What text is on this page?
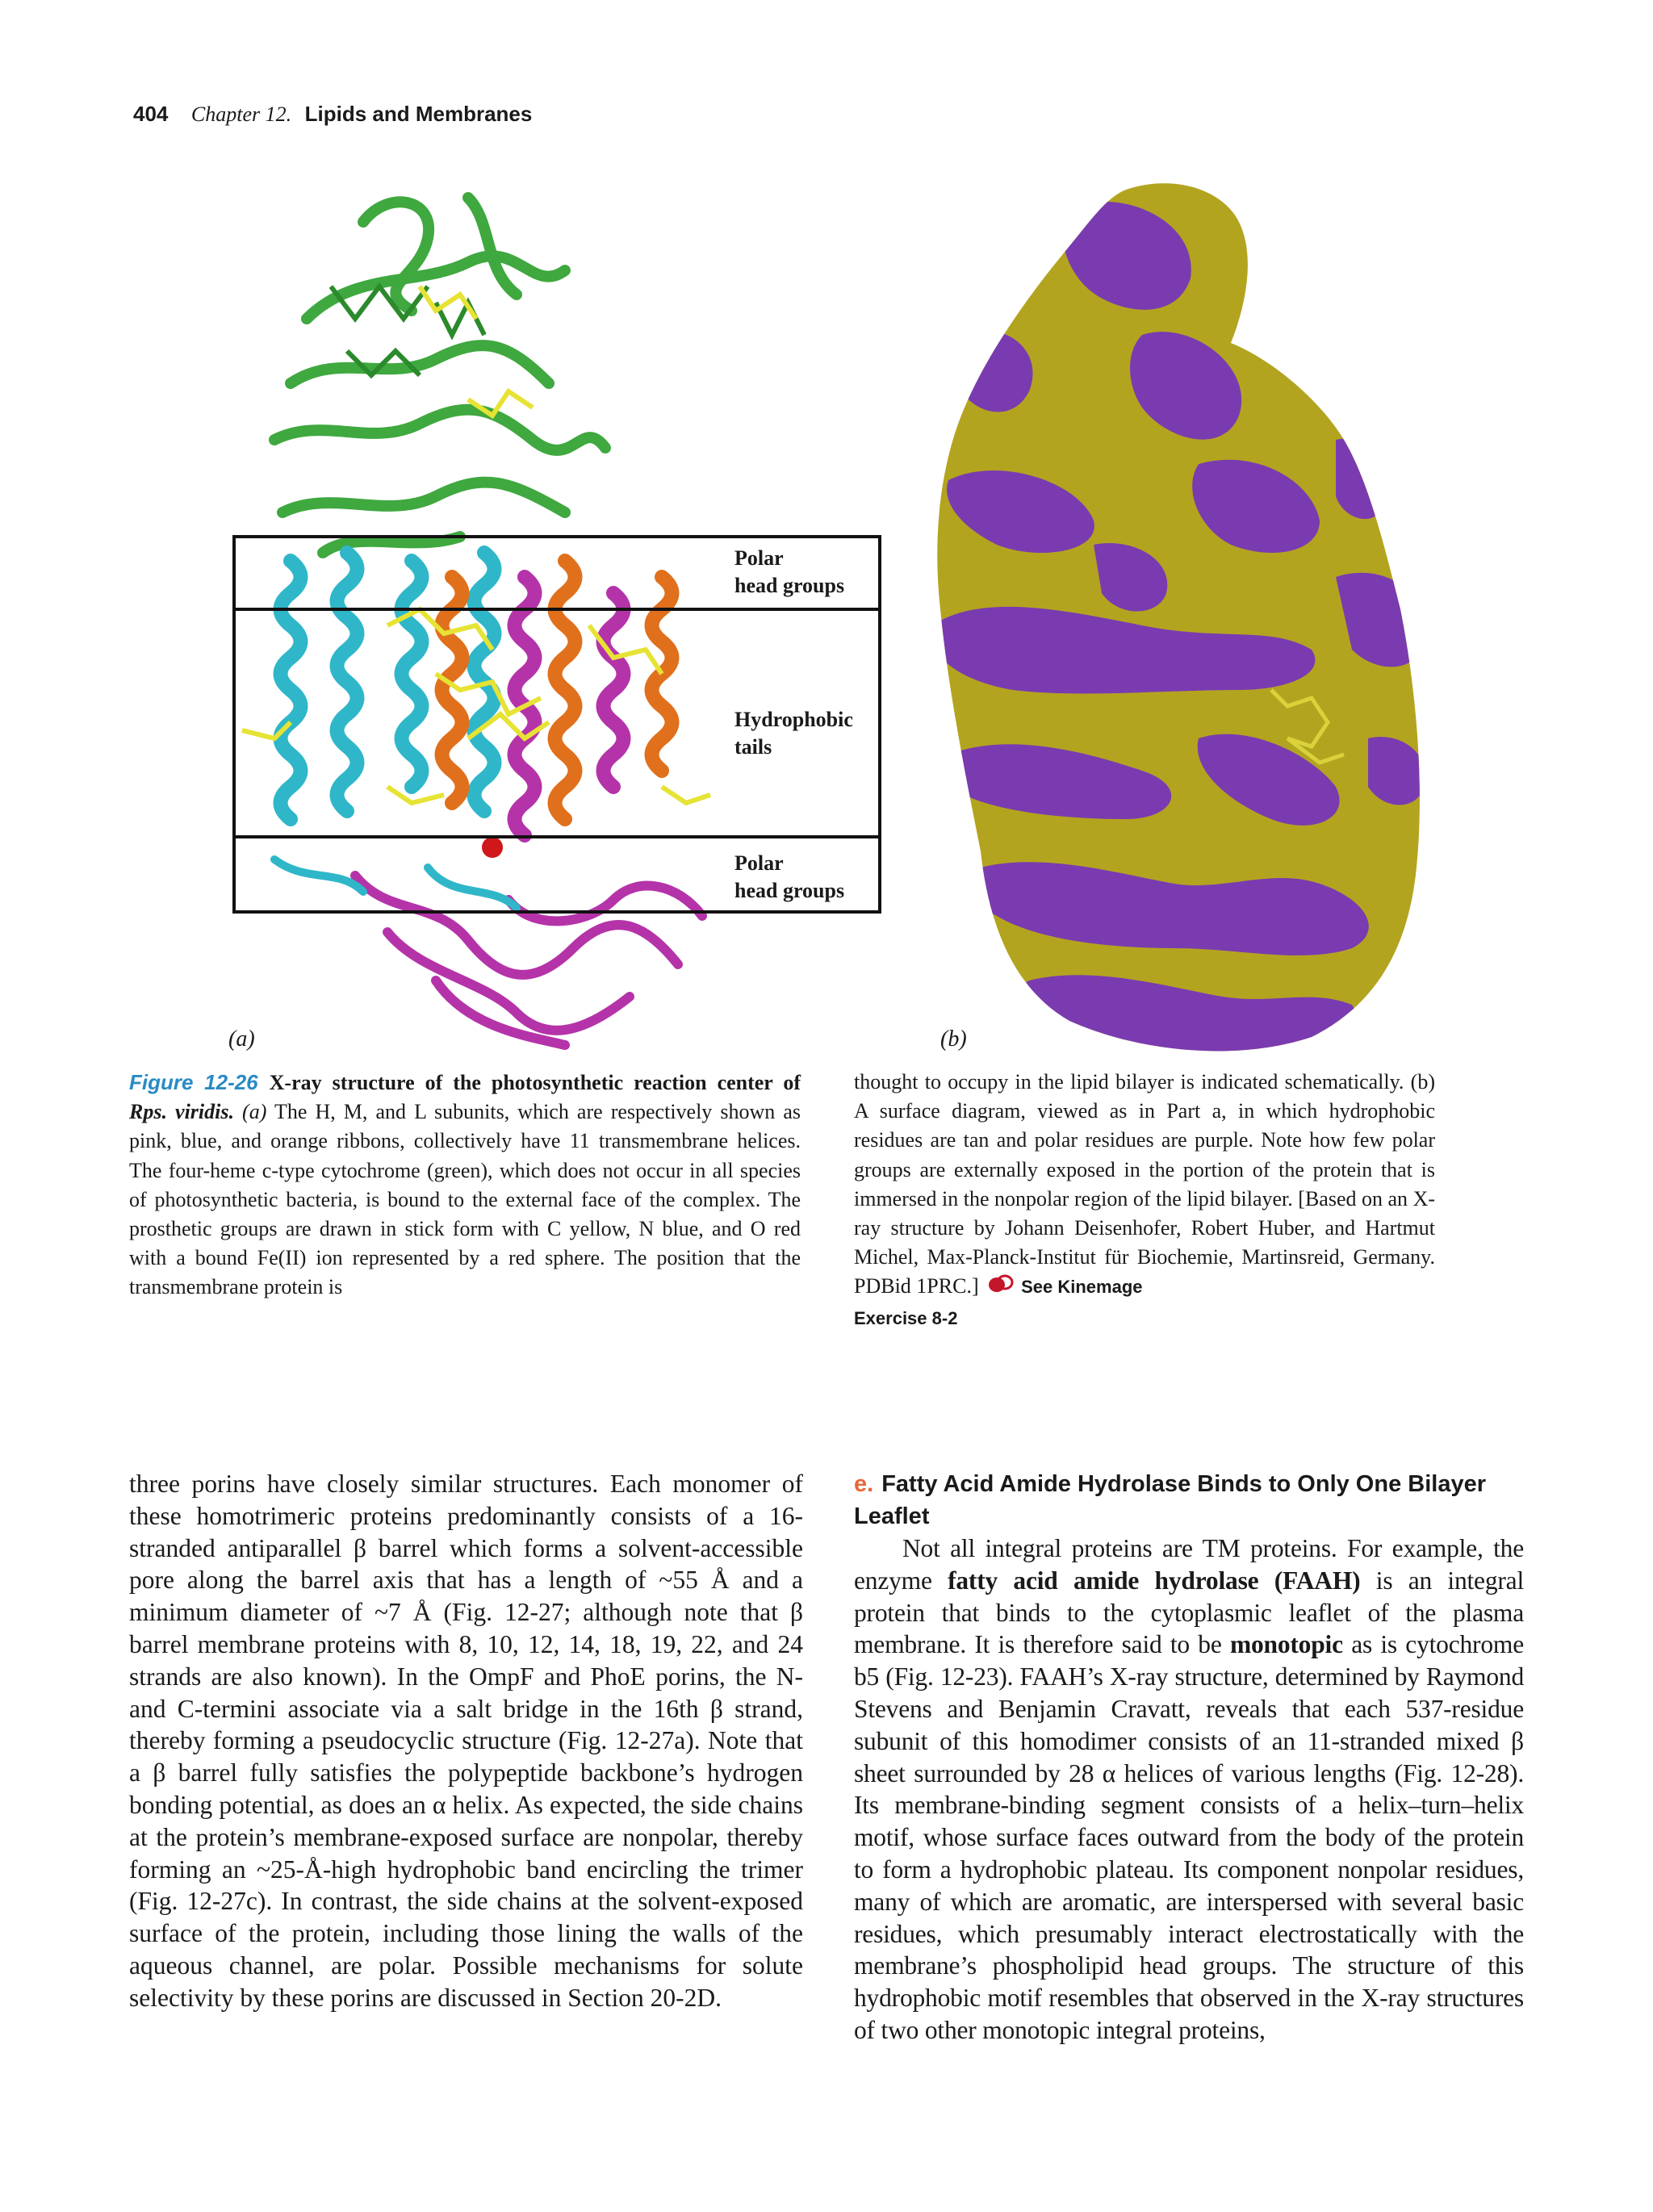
404 Chapter 12. Lipids and Membranes
Polar
head groups
Hydrophobic
tails
Polar
head groups
(a)	(b)
Figure 12-26 X-ray structure of the photosynthetic reaction center of Rps. viridis. (a) The H, M, and L subunits, which are respectively shown as pink, blue, and orange ribbons, collectively have 11 transmembrane helices. The four-heme c-type cytochrome (green), which does not occur in all species of photosynthetic bacteria, is bound to the external face of the complex. The prosthetic groups are drawn in stick form with C yellow, N blue, and O red with a bound Fe(II) ion represented by a red sphere. The position that the transmembrane protein is
thought to occupy in the lipid bilayer is indicated schematically. (b) A surface diagram, viewed as in Part a, in which hydrophobic residues are tan and polar residues are purple. Note how few polar groups are externally exposed in the portion of the protein that is immersed in the nonpolar region of the lipid bilayer. [Based on an X-ray structure by Johann Deisenhofer, Robert Huber, and Hartmut Michel, Max-Planck-Institut für Biochemie, Martinsreid, Germany. PDBid 1PRC.] See Kinemage
Exercise 8-2
three porins have closely similar structures. Each monomer of these homotrimeric proteins predominantly consists of a 16-stranded antiparallel β barrel which forms a solvent-accessible pore along the barrel axis that has a length of ~55 Å and a minimum diameter of ~7 Å (Fig. 12-27; although note that β barrel membrane proteins with 8, 10, 12, 14, 18, 19, 22, and 24 strands are also known). In the OmpF and PhoE porins, the N- and C-termini associate via a salt bridge in the 16th β strand, thereby forming a pseudocyclic structure (Fig. 12-27a). Note that a β barrel fully satisfies the polypeptide backbone’s hydrogen bonding potential, as does an α helix. As expected, the side chains at the protein’s membrane-exposed surface are nonpolar, thereby forming an ~25-Å-high hydrophobic band encircling the trimer (Fig. 12-27c). In contrast, the side chains at the solvent-exposed surface of the protein, including those lining the walls of the aqueous channel, are polar. Possible mechanisms for solute selectivity by these porins are discussed in Section 20-2D.
e. Fatty Acid Amide Hydrolase Binds to Only One Bilayer Leaflet
Not all integral proteins are TM proteins. For example, the enzyme fatty acid amide hydrolase (FAAH) is an integral protein that binds to the cytoplasmic leaflet of the plasma membrane. It is therefore said to be monotopic as is cytochrome b5 (Fig. 12-23). FAAH’s X-ray structure, determined by Raymond Stevens and Benjamin Cravatt, reveals that each 537-residue subunit of this homodimer consists of an 11-stranded mixed β sheet surrounded by 28 α helices of various lengths (Fig. 12-28). Its membrane-binding segment consists of a helix–turn–helix motif, whose surface faces outward from the body of the protein to form a hydrophobic plateau. Its component nonpolar residues, many of which are aromatic, are interspersed with several basic residues, which presumably interact electrostatically with the membrane’s phospholipid head groups. The structure of this hydrophobic motif resembles that observed in the X-ray structures of two other monotopic integral proteins,
